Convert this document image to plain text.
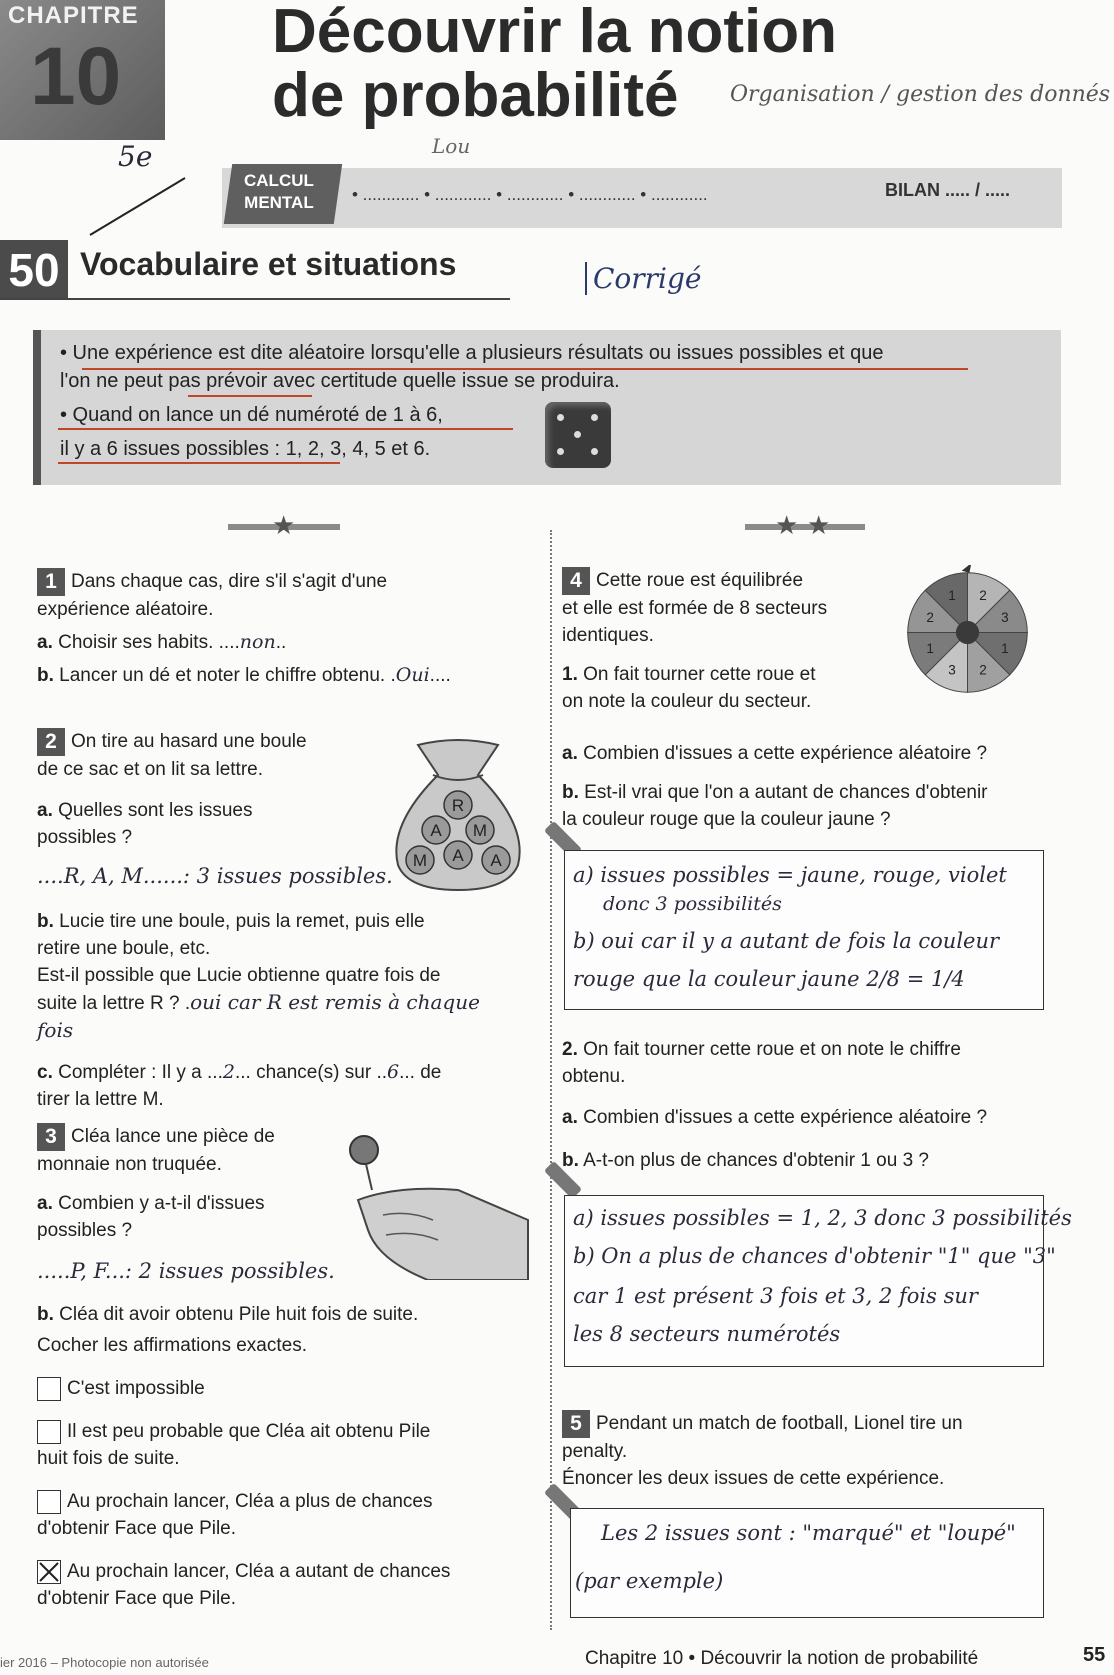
CHAPITRE
10 Découvrir la notion
de probabilité	Organisation / gestion des donnés
Lou
5e
CALCUL
MENTAL • ............ • ............ • ............ • ............ • ............	BILAN ..... / .....
50 Vocabulaire et situations	Corrigé
• Une expérience est dite aléatoire lorsqu'elle a plusieurs résultats ou issues possibles et que
l'on ne peut pas prévoir avec certitude quelle issue se produira.
• Quand on lance un dé numéroté de 1 à 6,
il y a 6 issues possibles : 1, 2, 3, 4, 5 et 6.
★	★ ★
1 Dans chaque cas, dire s'il s'agit d'une
expérience aléatoire.
a. Choisir ses habits. ....non..
b. Lancer un dé et noter le chiffre obtenu. .Oui....
2 On tire au hasard une boule
de ce sac et on lit sa lettre.
a. Quelles sont les issues
possibles ?
....R, A, M......: 3 issues possibles.
b. Lucie tire une boule, puis la remet, puis elle
retire une boule, etc.
Est-il possible que Lucie obtienne quatre fois de
suite la lettre R ? .oui car R est remis à chaque fois
c. Compléter : Il y a ...2... chance(s) sur ..6... de
tirer la lettre M.
R
A M
M A A
3 Cléa lance une pièce de
monnaie non truquée.
a. Combien y a-t-il d'issues
possibles ?
.....P, F...: 2 issues possibles.
b. Cléa dit avoir obtenu Pile huit fois de suite.
Cocher les affirmations exactes.
C'est impossible
Il est peu probable que Cléa ait obtenu Pile
huit fois de suite.
Au prochain lancer, Cléa a plus de chances
d'obtenir Face que Pile.
Au prochain lancer, Cléa a autant de chances
d'obtenir Face que Pile.
4 Cette roue est équilibrée
et elle est formée de 8 secteurs
identiques.
1. On fait tourner cette roue et
on note la couleur du secteur.
a. Combien d'issues a cette expérience aléatoire ?
b. Est-il vrai que l'on a autant de chances d'obtenir
la couleur rouge que la couleur jaune ?
2
3
1
2
3
1
2
1
a) issues possibles = jaune, rouge, violet
donc 3 possibilités
b) oui car il y a autant de fois la couleur
rouge que la couleur jaune 2/8 = 1/4
2. On fait tourner cette roue et on note le chiffre
obtenu.
a. Combien d'issues a cette expérience aléatoire ?
b. A-t-on plus de chances d'obtenir 1 ou 3 ?
a) issues possibles = 1, 2, 3 donc 3 possibilités
b) On a plus de chances d'obtenir "1" que "3"
car 1 est présent 3 fois et 3, 2 fois sur
les 8 secteurs numérotés
5 Pendant un match de football, Lionel tire un
penalty.
Énoncer les deux issues de cette expérience.
Les 2 issues sont : "marqué" et "loupé"
(par exemple)
ier 2016 – Photocopie non autorisée	Chapitre 10 • Découvrir la notion de probabilité	55
